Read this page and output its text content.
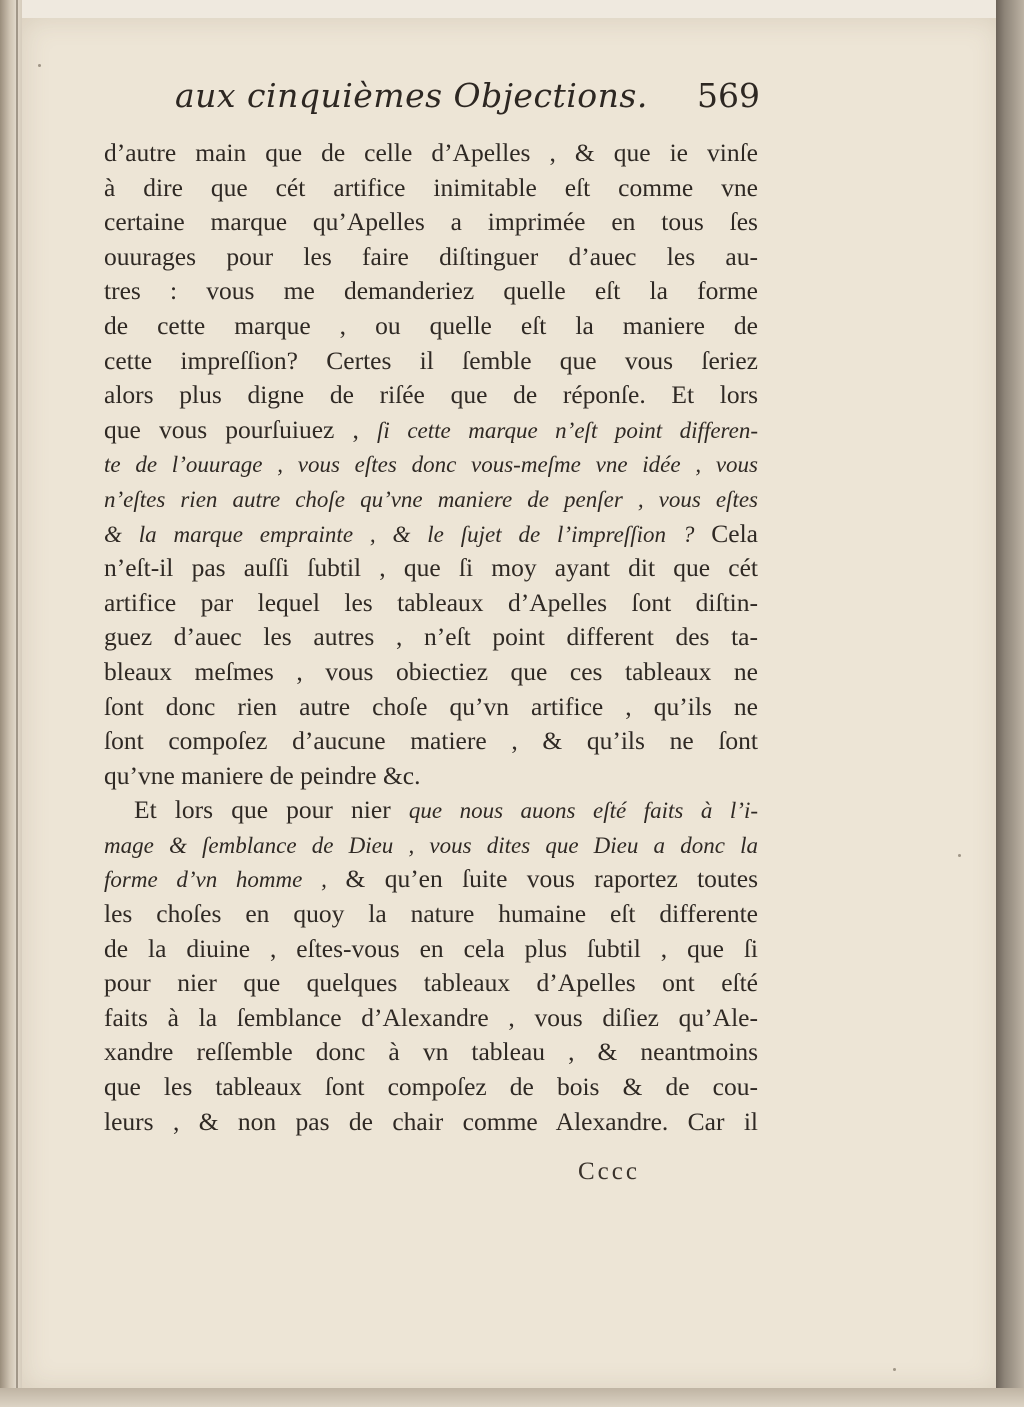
aux cinquièmes Objections. 569
d’autre main que de celle d’Apelles , & que ie vinſe
à dire que cét artifice inimitable eſt comme vne
certaine marque qu’Apelles a imprimée en tous ſes
ouurages pour les faire diſtinguer d’auec les au-
tres : vous me demanderiez quelle eſt la forme
de cette marque , ou quelle eſt la maniere de
cette impreſſion? Certes il ſemble que vous ſeriez
alors plus digne de riſée que de réponſe. Et lors
que vous pourſuiuez , ſi cette marque n’eſt point differen-
te de l’ouurage , vous eſtes donc vous-meſme vne idée , vous
n’eſtes rien autre choſe qu’vne maniere de penſer , vous eſtes
& la marque emprainte , & le ſujet de l’impreſſion ? Cela
n’eſt-il pas auſſi ſubtil , que ſi moy ayant dit que cét
artifice par lequel les tableaux d’Apelles ſont diſtin-
guez d’auec les autres , n’eſt point different des ta-
bleaux meſmes , vous obiectiez que ces tableaux ne
ſont donc rien autre choſe qu’vn artifice , qu’ils ne
ſont compoſez d’aucune matiere , & qu’ils ne ſont
qu’vne maniere de peindre &c.
Et lors que pour nier que nous auons eſté faits à l’i-
mage & ſemblance de Dieu , vous dites que Dieu a donc la
forme d’vn homme , & qu’en ſuite vous raportez toutes
les choſes en quoy la nature humaine eſt differente
de la diuine , eſtes-vous en cela plus ſubtil , que ſi
pour nier que quelques tableaux d’Apelles ont eſté
faits à la ſemblance d’Alexandre , vous diſiez qu’Ale-
xandre reſſemble donc à vn tableau , & neantmoins
que les tableaux ſont compoſez de bois & de cou-
leurs , & non pas de chair comme Alexandre. Car il
Cccc
